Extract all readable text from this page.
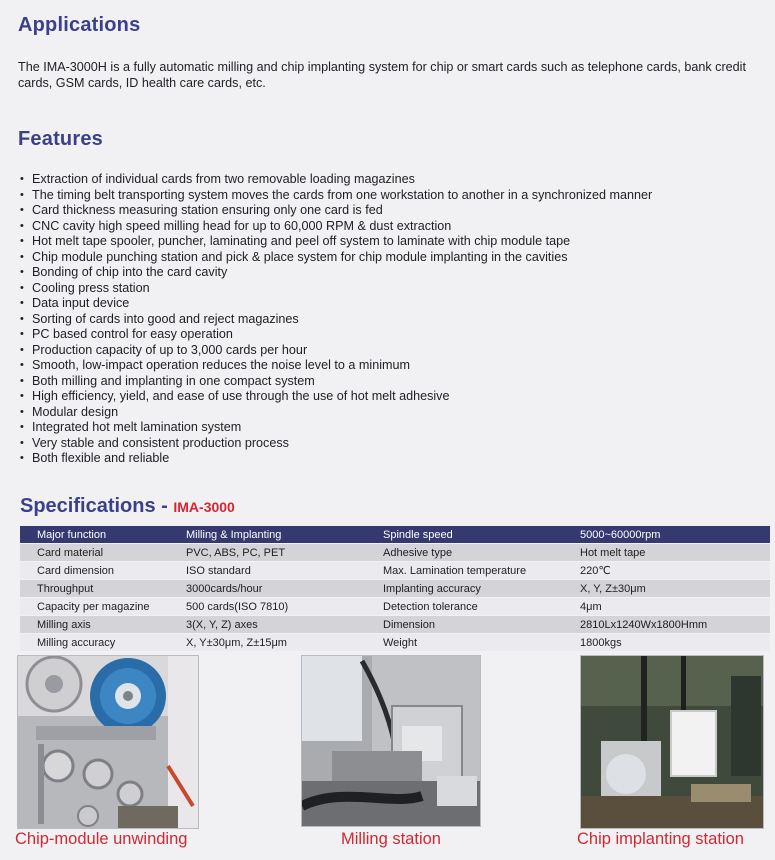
Applications

The IMA-3000H is a fully automatic milling and chip implanting system for chip or smart cards such as telephone cards, bank credit cards, GSM cards, ID health care cards, etc.

Features
• Extraction of individual cards from two removable loading magazines
• The timing belt transporting system moves the cards from one workstation to another in a synchronized manner
• Card thickness measuring station ensuring only one card is fed
• CNC cavity high speed milling head for up to 60,000 RPM & dust extraction
• Hot melt tape spooler, puncher, laminating and peel off system to laminate with chip module tape
• Chip module punching station and pick & place system for chip module implanting in the cavities
• Bonding of chip into the card cavity
• Cooling press station
• Data input device
• Sorting of cards into good and reject magazines
• PC based control for easy operation
• Production capacity of up to 3,000 cards per hour
• Smooth, low-impact operation reduces the noise level to a minimum
• Both milling and implanting in one compact system
• High efficiency, yield, and ease of use through the use of hot melt adhesive
• Modular design
• Integrated hot melt lamination system
• Very stable and consistent production process
• Both flexible and reliable
Specifications - IMA-3000
Major function	Milling & Implanting	Spindle speed	5000~60000rpm
Card material	PVC, ABS, PC, PET	Adhesive type	Hot melt tape
Card dimension	ISO standard	Max. Lamination temperature	220℃
Throughput	3000cards/hour	Implanting accuracy	X, Y, Z±30μm
Capacity per magazine	500 cards(ISO 7810)	Detection tolerance	4μm
Milling axis	3(X, Y, Z) axes	Dimension	2810Lx1240Wx1800Hmm
Milling accuracy	X, Y±30μm, Z±15μm	Weight	1800kgs

Chip-module unwinding	Milling station	Chip implanting station
